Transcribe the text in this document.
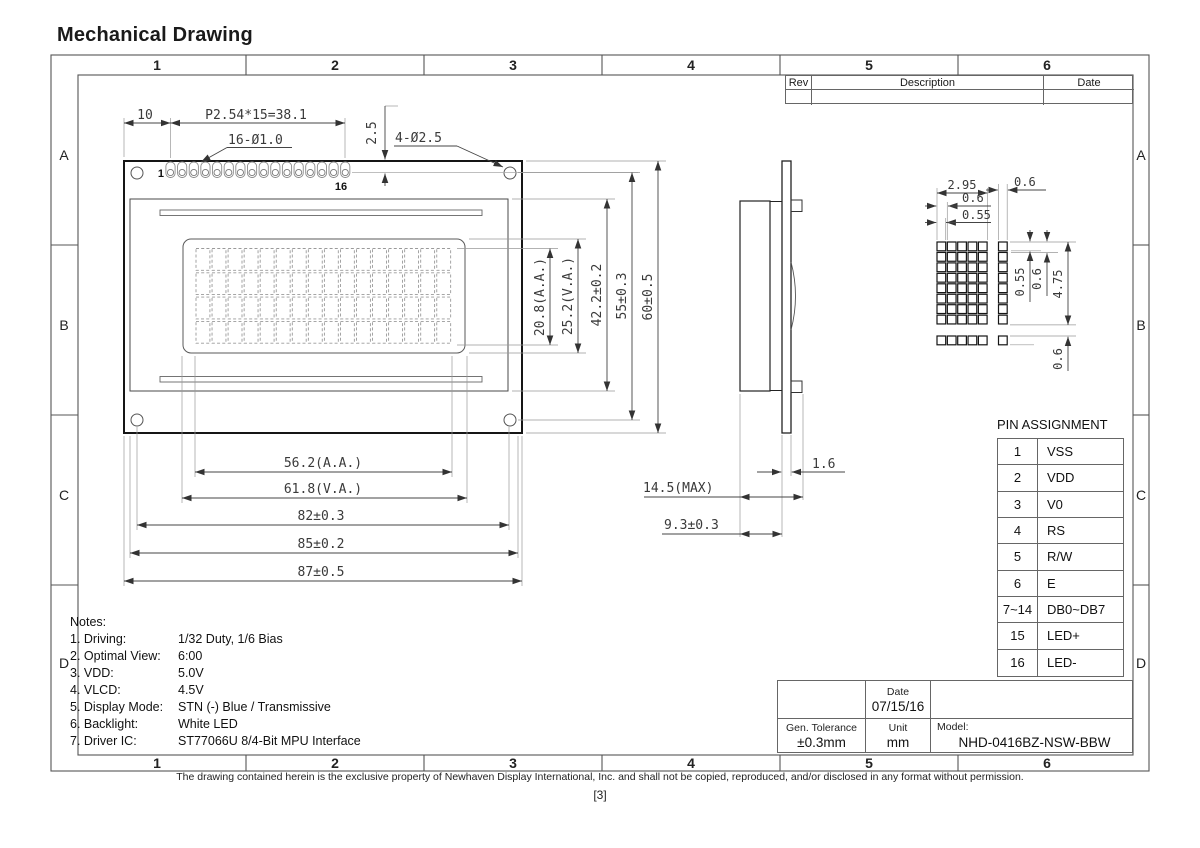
Mechanical Drawing
1	2	3	4	5	6
1	2	3	4	5	6
A
B
C
D
A
B
C
D
1
16
10	P2.54*15=38.1
16-Ø1.0	2.5 4-Ø2.5
20.8(A.A.) 25.2(V.A.) 42.2±0.2 55±0.3 60±0.5
56.2(A.A.)
61.8(V.A.)
82±0.3
85±0.2
87±0.5
1.6
14.5(MAX)
9.3±0.3
2.95	0.6
0.6
0.55
0.55 0.6 4.75
0.6
Rev	Description	Date
PIN ASSIGNMENT
1	VSS
2	VDD
3	V0
4	RS
5	R/W
6	E
7~14	DB0~DB7
15	LED+
16	LED-
Date
07/15/16
Gen. Tolerance
±0.3mm
Unit
mm
Model:
NHD-0416BZ-NSW-BBW
Notes:
1. Driving:	1/32 Duty, 1/6 Bias
2. Optimal View:	6:00
3. VDD:	5.0V
4. VLCD:	4.5V
5. Display Mode:	STN (-) Blue / Transmissive
6. Backlight:	White LED
7. Driver IC:	ST77066U 8/4-Bit MPU Interface
The drawing contained herein is the exclusive property of Newhaven Display International, Inc. and shall not be copied, reproduced, and/or disclosed in any format without permission.
[3]
